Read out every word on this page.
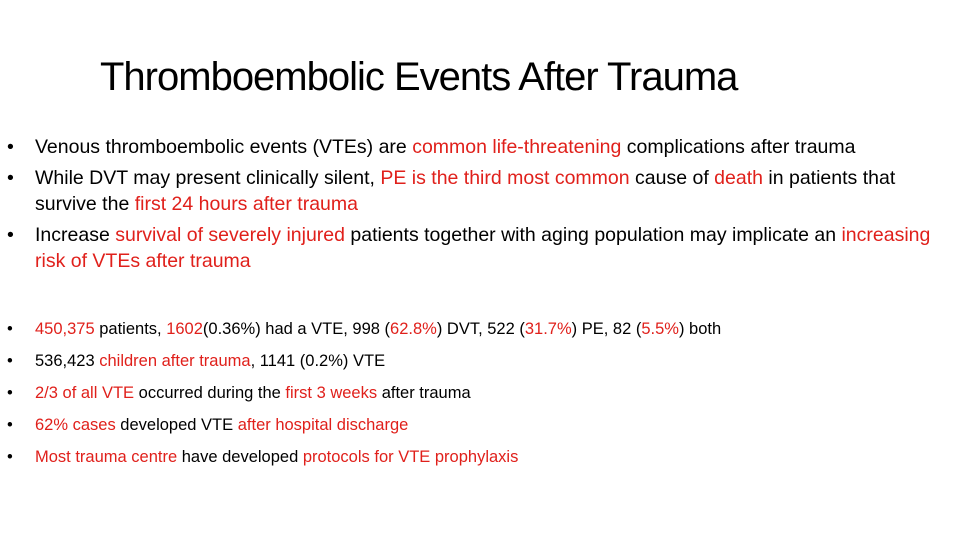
Thromboembolic Events After Trauma
• Venous thromboembolic events (VTEs) are common life-threatening complications after trauma
• While DVT may present clinically silent, PE is the third most common cause of death in patients that survive the first 24 hours after trauma
• Increase survival of severely injured patients together with aging population may implicate an increasing risk of VTEs after trauma
• 450,375 patients, 1602(0.36%) had a VTE, 998 (62.8%) DVT, 522 (31.7%) PE, 82 (5.5%) both
• 536,423 children after trauma, 1141 (0.2%) VTE
• 2/3 of all VTE occurred during the first 3 weeks after trauma
• 62% cases developed VTE after hospital discharge
• Most trauma centre have developed protocols for VTE prophylaxis
